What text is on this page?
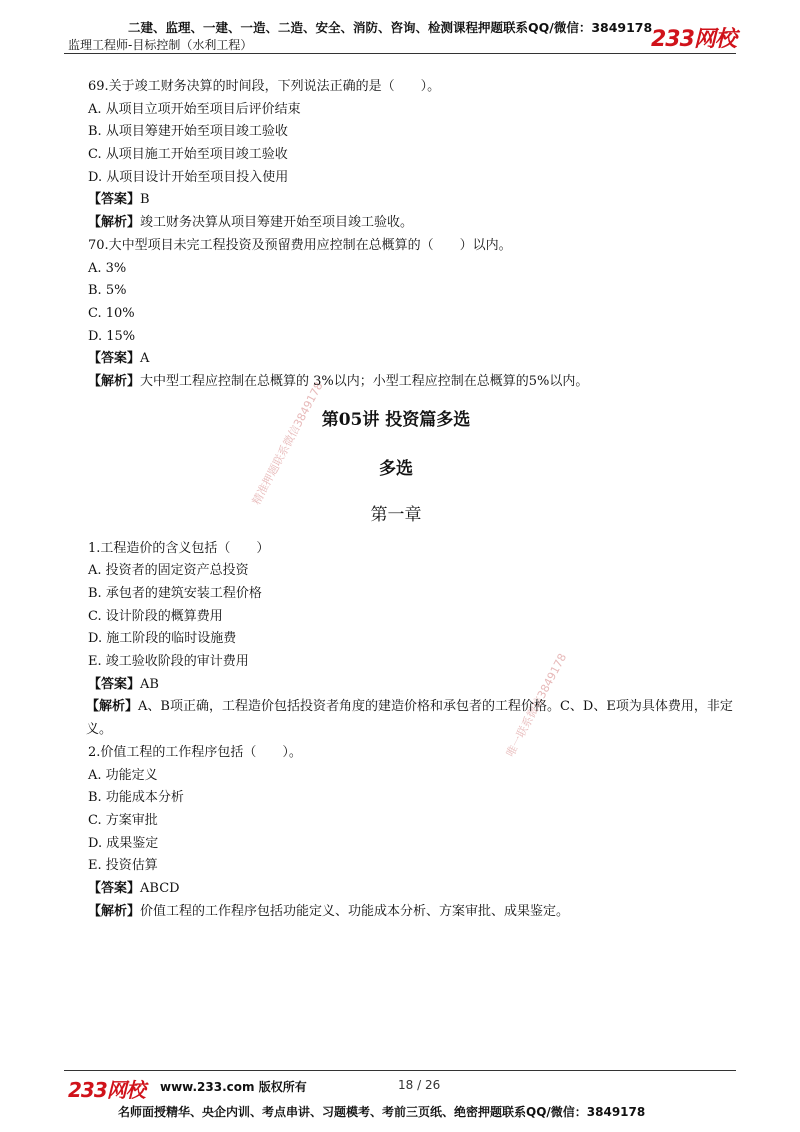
二建、监理、一建、一造、二造、安全、消防、咨询、检测课程押题联系QQ/微信：3849178
监理工程师-目标控制（水利工程）	233网校
精准押题联系微信3849178
唯一联系微信3849178
69.关于竣工财务决算的时间段，下列说法正确的是（　　）。
A. 从项目立项开始至项目后评价结束
B. 从项目筹建开始至项目竣工验收
C. 从项目施工开始至项目竣工验收
D. 从项目设计开始至项目投入使用
【答案】B
【解析】竣工财务决算从项目筹建开始至项目竣工验收。
70.大中型项目未完工程投资及预留费用应控制在总概算的（　　）以内。
A. 3%
B. 5%
C. 10%
D. 15%
【答案】A
【解析】大中型工程应控制在总概算的 3%以内；小型工程应控制在总概算的5%以内。
第05讲 投资篇多选
多选
第一章
1.工程造价的含义包括（　　）
A. 投资者的固定资产总投资
B. 承包者的建筑安装工程价格
C. 设计阶段的概算费用
D. 施工阶段的临时设施费
E. 竣工验收阶段的审计费用
【答案】AB
【解析】A、B项正确，工程造价包括投资者角度的建造价格和承包者的工程价格。C、D、E项为具体费用，非定义。
2.价值工程的工作程序包括（　　）。
A. 功能定义
B. 功能成本分析
C. 方案审批
D. 成果鉴定
E. 投资估算
【答案】ABCD
【解析】价值工程的工作程序包括功能定义、功能成本分析、方案审批、成果鉴定。
233网校 www.233.com 版权所有	18 / 26
名师面授精华、央企内训、考点串讲、习题模考、考前三页纸、绝密押题联系QQ/微信：3849178
